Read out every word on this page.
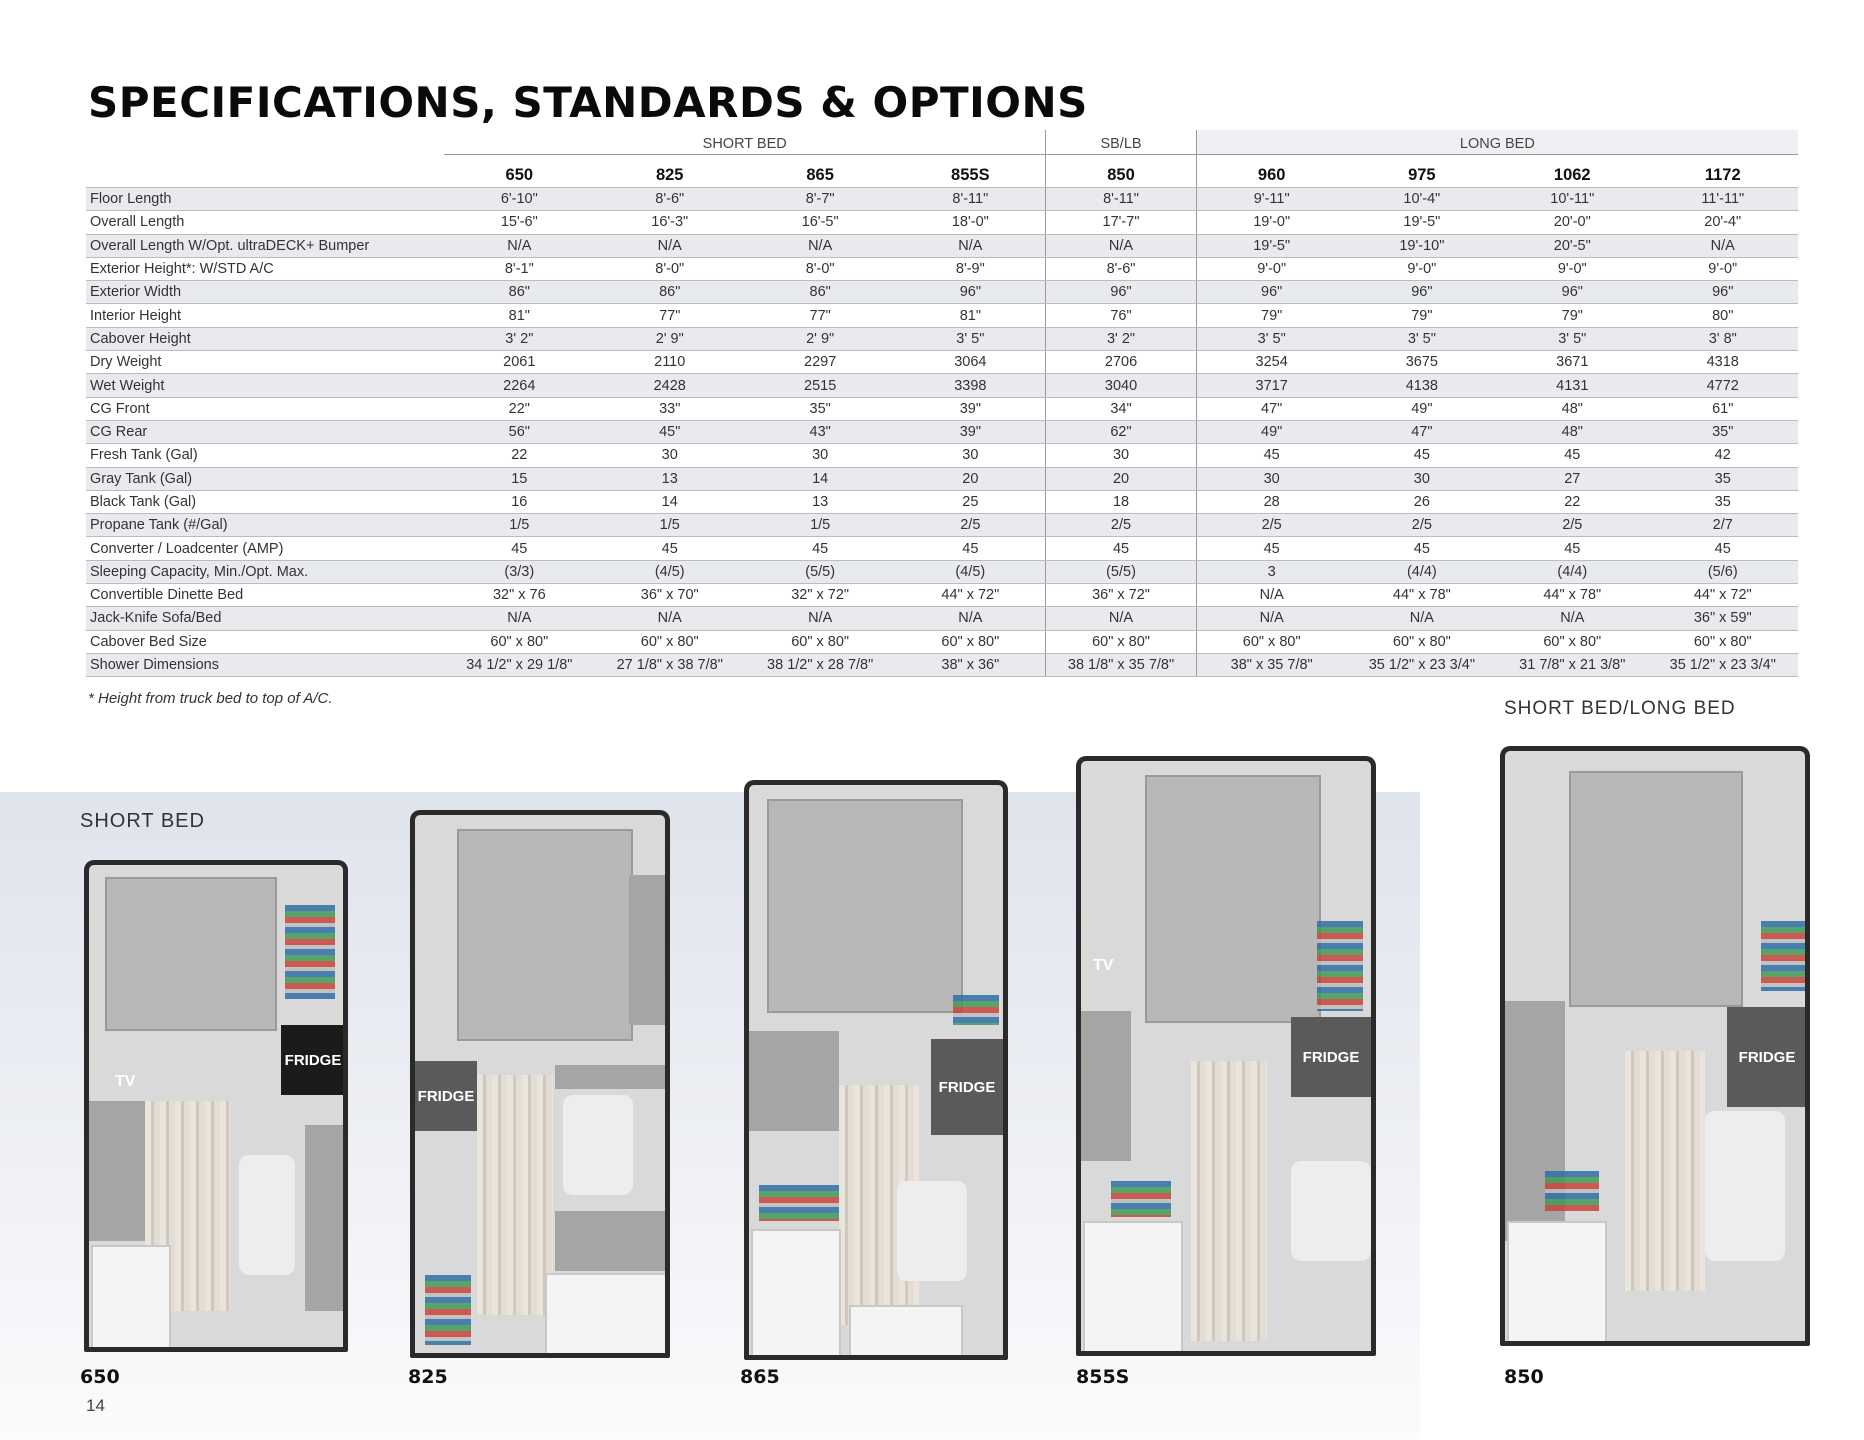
SPECIFICATIONS, STANDARDS & OPTIONS
	SHORT BED				SB/LB	LONG BED			
	650	825	865	855S	850	960	975	1062	1172
Floor Length	6'-10"	8'-6"	8'-7"	8'-11"	8'-11"	9'-11"	10'-4"	10'-11"	11'-11"
Overall Length	15'-6"	16'-3"	16'-5"	18'-0"	17'-7"	19'-0"	19'-5"	20'-0"	20'-4"
Overall Length W/Opt. ultraDECK+ Bumper	N/A	N/A	N/A	N/A	N/A	19'-5"	19'-10"	20'-5"	N/A
Exterior Height*: W/STD A/C	8'-1"	8'-0"	8'-0"	8'-9"	8'-6"	9'-0"	9'-0"	9'-0"	9'-0"
Exterior Width	86"	86"	86"	96"	96"	96"	96"	96"	96"
Interior Height	81"	77"	77"	81"	76"	79"	79"	79"	80"
Cabover Height	3' 2"	2' 9"	2' 9"	3' 5"	3' 2"	3' 5"	3' 5"	3' 5"	3' 8"
Dry Weight	2061	2110	2297	3064	2706	3254	3675	3671	4318
Wet Weight	2264	2428	2515	3398	3040	3717	4138	4131	4772
CG Front	22"	33"	35"	39"	34"	47"	49"	48"	61"
CG Rear	56"	45"	43"	39"	62"	49"	47"	48"	35"
Fresh Tank (Gal)	22	30	30	30	30	45	45	45	42
Gray Tank (Gal)	15	13	14	20	20	30	30	27	35
Black Tank (Gal)	16	14	13	25	18	28	26	22	35
Propane Tank (#/Gal)	1/5	1/5	1/5	2/5	2/5	2/5	2/5	2/5	2/7
Converter / Loadcenter (AMP)	45	45	45	45	45	45	45	45	45
Sleeping Capacity, Min./Opt. Max.	(3/3)	(4/5)	(5/5)	(4/5)	(5/5)	3	(4/4)	(4/4)	(5/6)
Convertible Dinette Bed	32" x 76	36" x 70"	32" x 72"	44" x 72"	36" x 72"	N/A	44" x 78"	44" x 78"	44" x 72"
Jack-Knife Sofa/Bed	N/A	N/A	N/A	N/A	N/A	N/A	N/A	N/A	36" x 59"
Cabover Bed Size	60" x 80"	60" x 80"	60" x 80"	60" x 80"	60" x 80"	60" x 80"	60" x 80"	60" x 80"	60" x 80"
Shower Dimensions	34 1/2" x 29 1/8"	27 1/8" x 38 7/8"	38 1/2" x 28 7/8"	38" x 36"	38 1/8" x 35 7/8"	38" x 35 7/8"	35 1/2" x 23 3/4"	31 7/8" x 21 3/8"	35 1/2" x 23 3/4"
* Height from truck bed to top of A/C.	SHORT BED/LONG BED
SHORT BED
FRIDGE
TV
650
FRIDGE
825
FRIDGE
865
TV
FRIDGE
855S
FRIDGE
850
14
